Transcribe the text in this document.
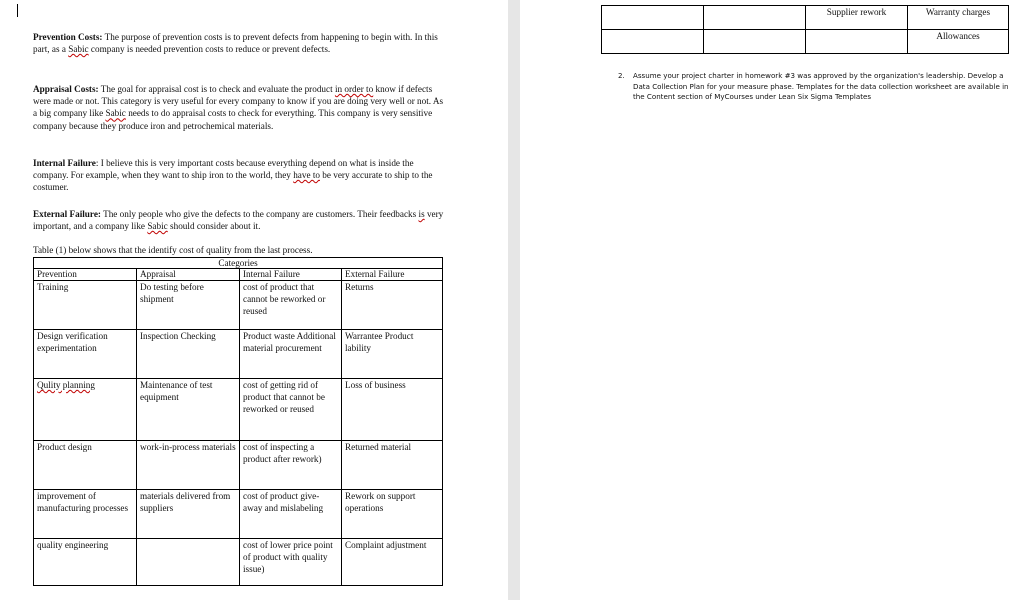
Prevention Costs: The purpose of prevention costs is to prevent defects from happening to begin with. In this part, as a Sabic company is needed prevention costs to reduce or prevent defects.

Appraisal Costs: The goal for appraisal cost is to check and evaluate the product in order to know if defects were made or not. This category is very useful for every company to know if you are doing very well or not. As a big company like Sabic needs to do appraisal costs to check for everything. This company is very sensitive company because they produce iron and petrochemical materials.

Internal Failure: I believe this is very important costs because everything depend on what is inside the company. For example, when they want to ship iron to the world, they have to be very accurate to ship to the costumer.

External Failure: The only people who give the defects to the company are customers. Their feedbacks is very important, and a company like Sabic should consider about it.

Table (1) below shows that the identify cost of quality from the last process.

Categories			
Prevention	Appraisal	Internal Failure	External Failure
Training	Do testing before shipment	cost of product that cannot be reworked or reused	Returns
Design verification experimentation	Inspection Checking	Product waste Additional material procurement	Warrantee Product lability
Qulity planning	Maintenance of test equipment	cost of getting rid of product that cannot be reworked or reused	Loss of business
Product design	work-in-process materials	cost of inspecting a product after rework)	Returned material
improvement of manufacturing processes	materials delivered from suppliers	cost of product give-away and mislabeling	Rework on support operations
quality engineering		cost of lower price point of product with quality issue)	Complaint adjustment
		Supplier rework	Warranty charges
			Allowances
2. Assume your project charter in homework #3 was approved by the organization's leadership. Develop a Data Collection Plan for your measure phase. Templates for the data collection worksheet are available in the Content section of MyCourses under Lean Six Sigma Templates
